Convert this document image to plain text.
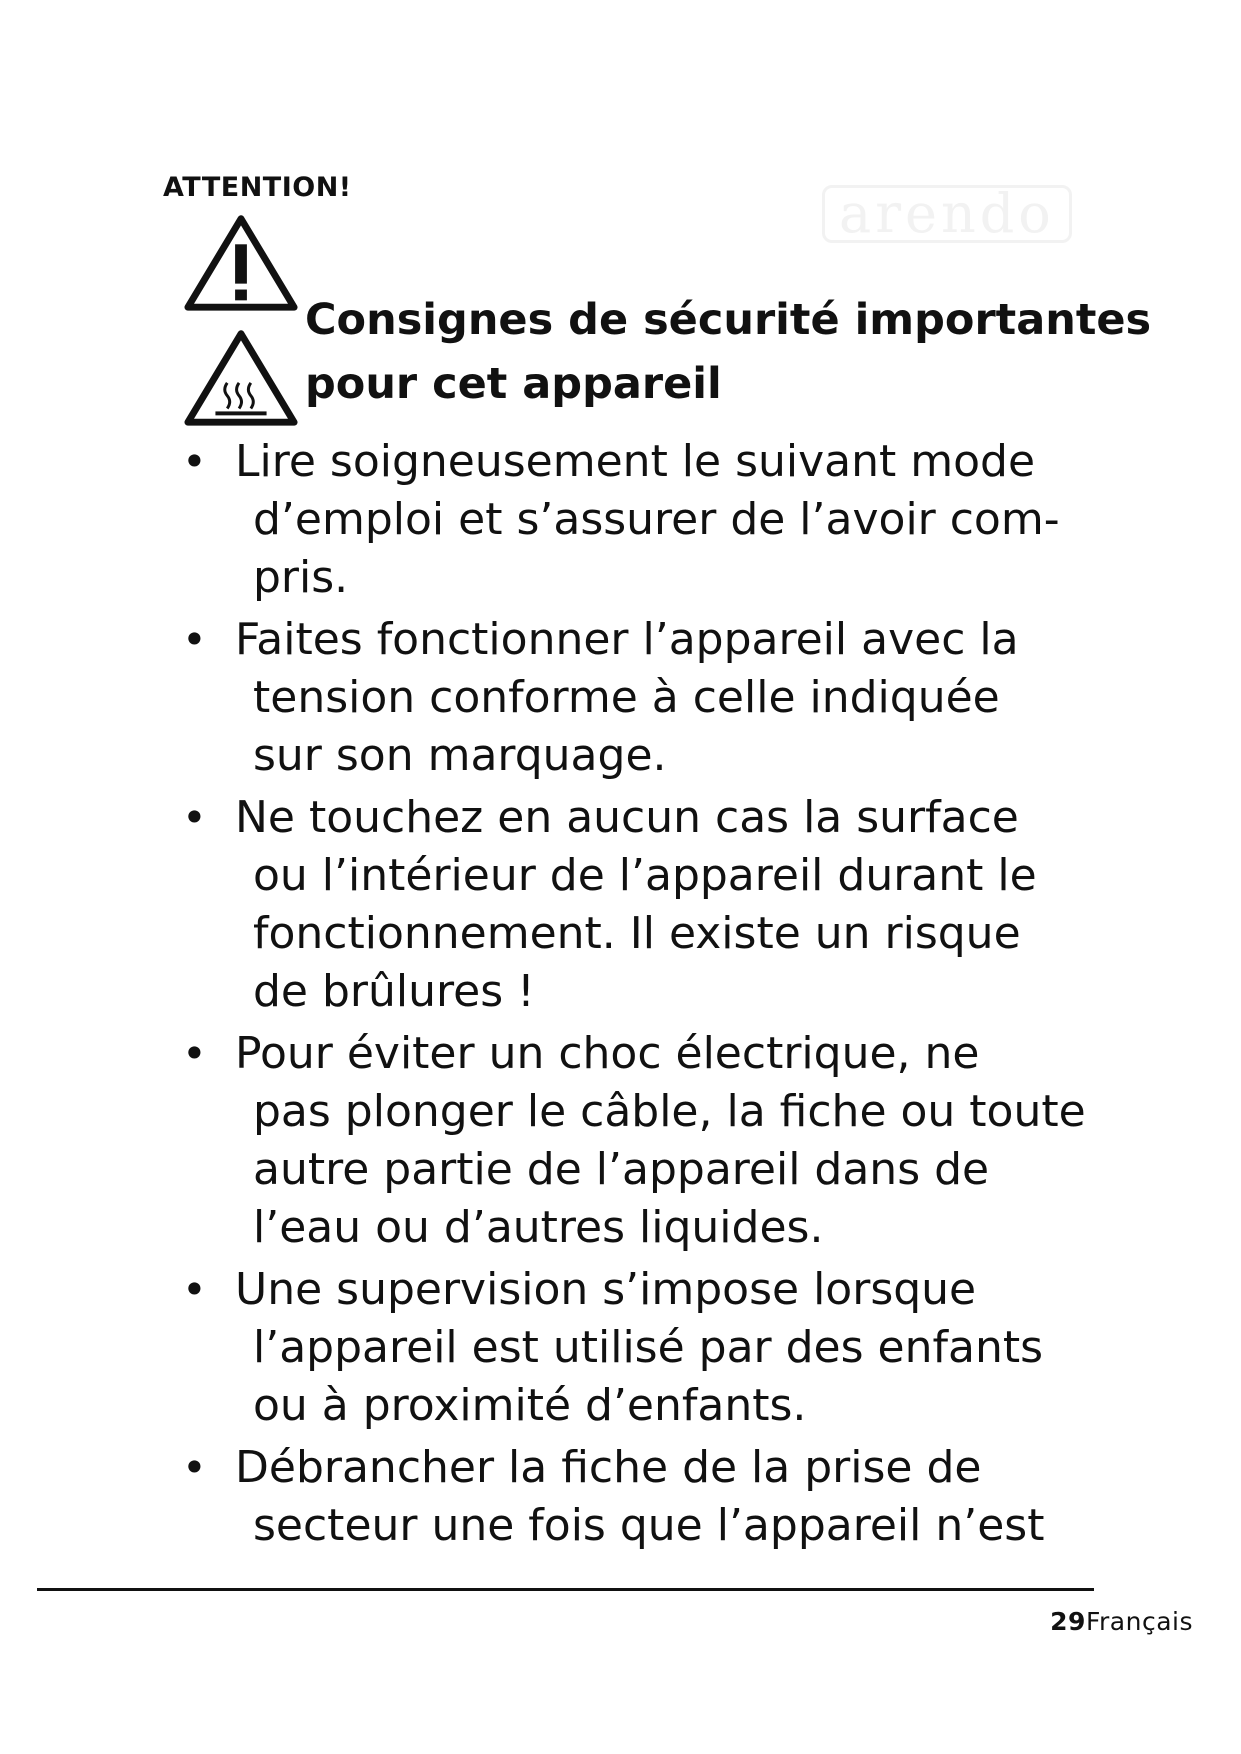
ATTENTION!	arendo
Consignes de sécurité importantes
pour cet appareil
• Lire soigneusement le suivant mode
d’emploi et s’assurer de l’avoir com-
pris.
• Faites fonctionner l’appareil avec la
tension conforme à celle indiquée
sur son marquage.
• Ne touchez en aucun cas la surface
ou l’intérieur de l’appareil durant le
fonctionnement. Il existe un risque
de brûlures !
• Pour éviter un choc électrique, ne
pas plonger le câble, la fiche ou toute
autre partie de l’appareil dans de
l’eau ou d’autres liquides.
• Une supervision s’impose lorsque
l’appareil est utilisé par des enfants
ou à proximité d’enfants.
• Débrancher la fiche de la prise de
secteur une fois que l’appareil n’est
29Français
